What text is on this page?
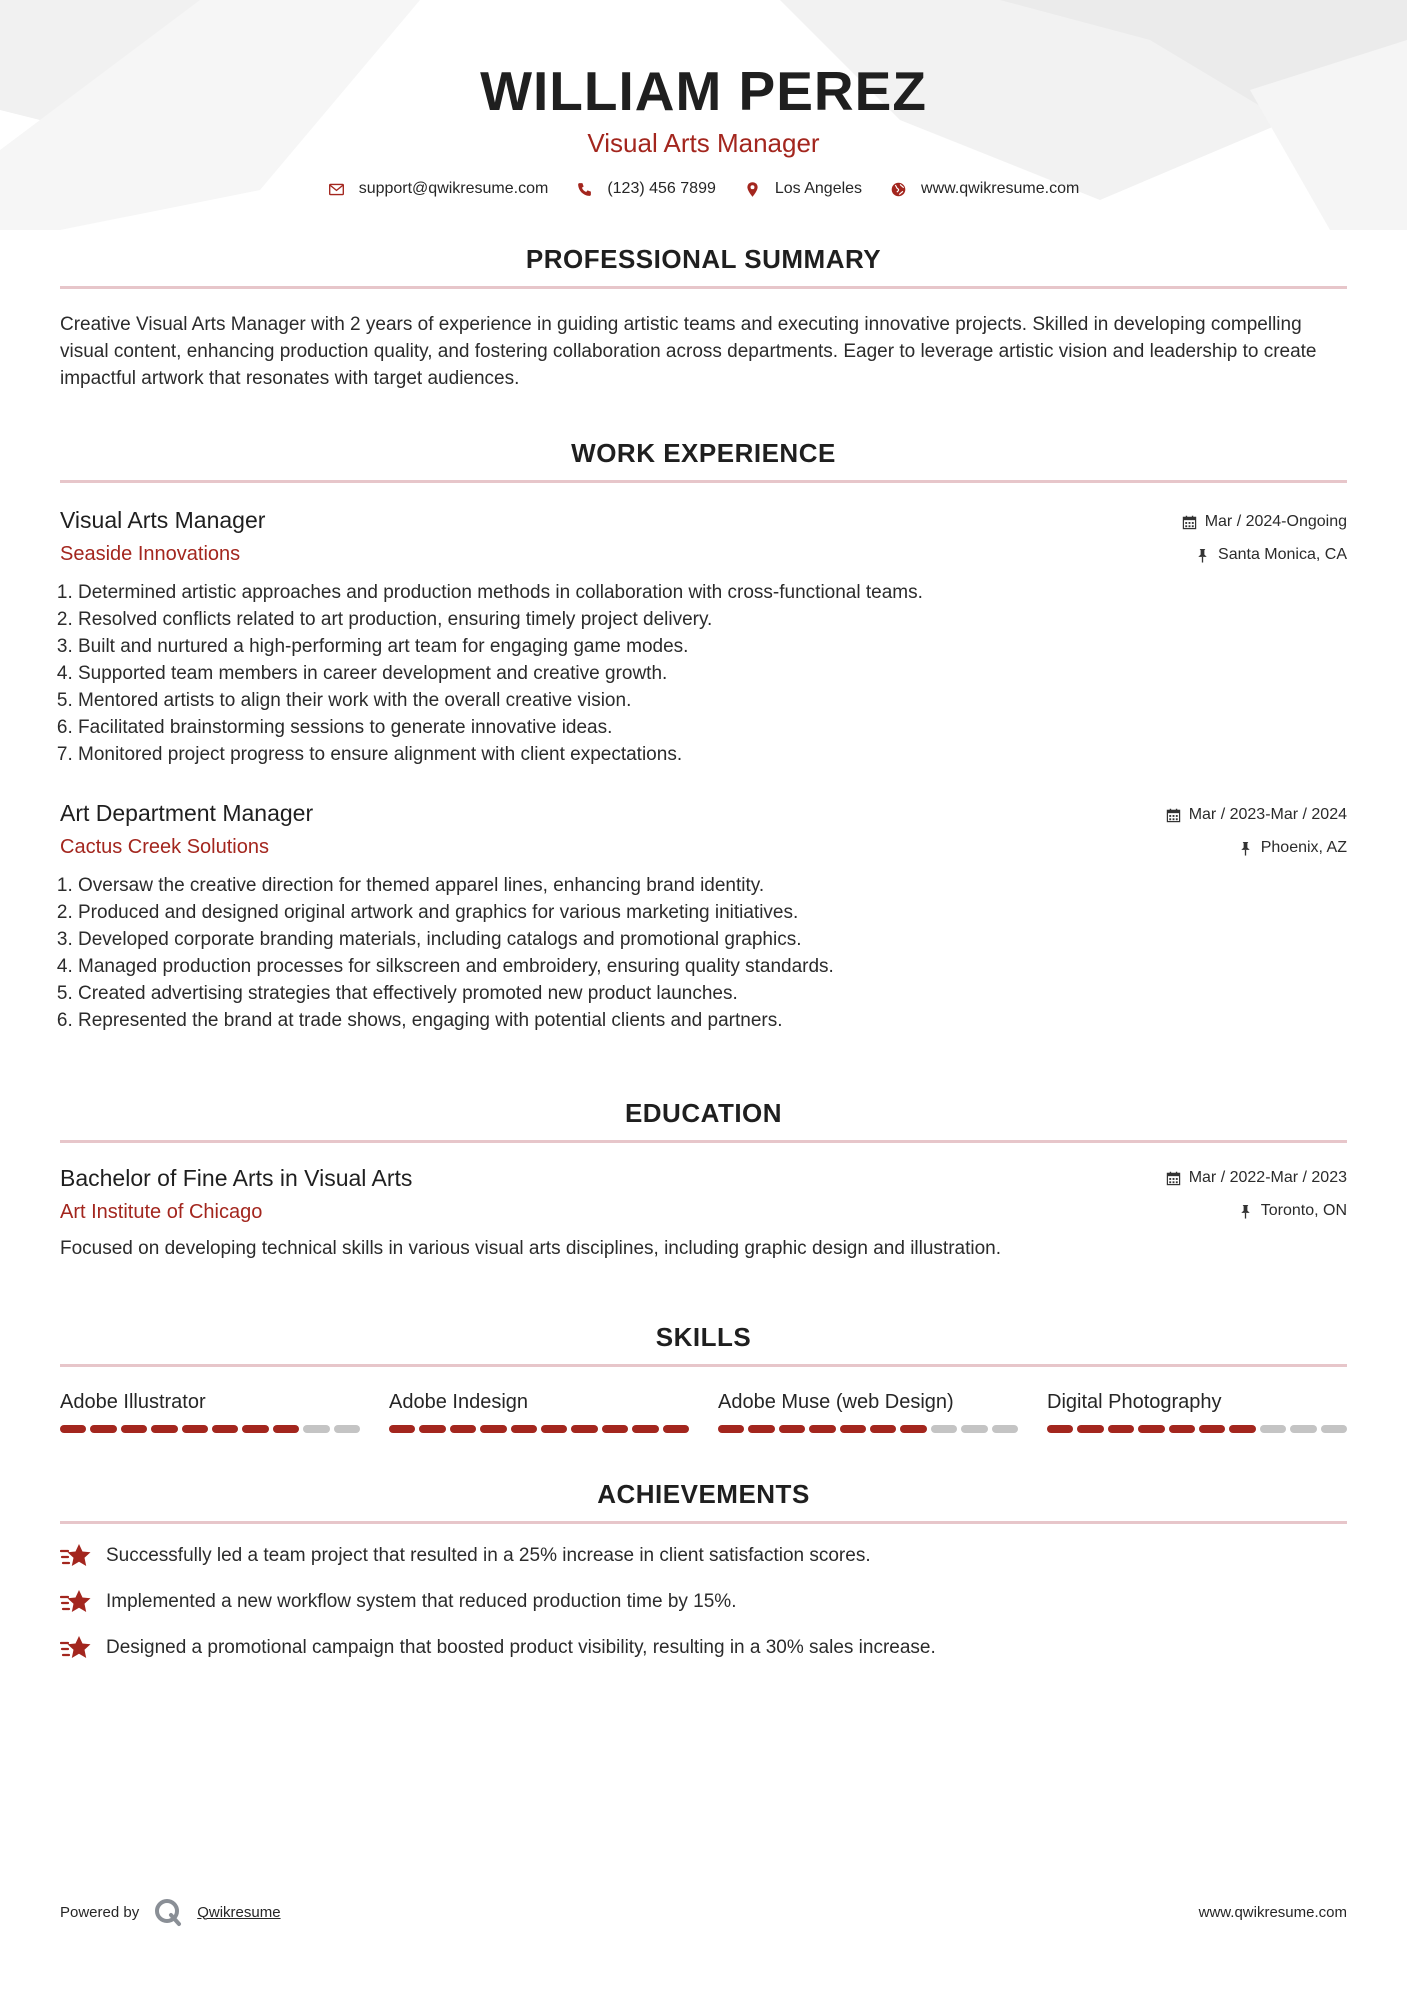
WILLIAM PEREZ
Visual Arts Manager
support@qwikresume.com	(123) 456 7899	Los Angeles	www.qwikresume.com
PROFESSIONAL SUMMARY
Creative Visual Arts Manager with 2 years of experience in guiding artistic teams and executing innovative projects. Skilled in developing compelling visual content, enhancing production quality, and fostering collaboration across departments. Eager to leverage artistic vision and leadership to create impactful artwork that resonates with target audiences.
WORK EXPERIENCE
Visual Arts Manager
Seaside Innovations
Mar / 2024-Ongoing
Santa Monica, CA
1. Determined artistic approaches and production methods in collaboration with cross-functional teams.
2. Resolved conflicts related to art production, ensuring timely project delivery.
3. Built and nurtured a high-performing art team for engaging game modes.
4. Supported team members in career development and creative growth.
5. Mentored artists to align their work with the overall creative vision.
6. Facilitated brainstorming sessions to generate innovative ideas.
7. Monitored project progress to ensure alignment with client expectations.
Art Department Manager
Cactus Creek Solutions
Mar / 2023-Mar / 2024
Phoenix, AZ
1. Oversaw the creative direction for themed apparel lines, enhancing brand identity.
2. Produced and designed original artwork and graphics for various marketing initiatives.
3. Developed corporate branding materials, including catalogs and promotional graphics.
4. Managed production processes for silkscreen and embroidery, ensuring quality standards.
5. Created advertising strategies that effectively promoted new product launches.
6. Represented the brand at trade shows, engaging with potential clients and partners.
EDUCATION
Bachelor of Fine Arts in Visual Arts
Art Institute of Chicago
Mar / 2022-Mar / 2023
Toronto, ON
Focused on developing technical skills in various visual arts disciplines, including graphic design and illustration.
SKILLS
Adobe Illustrator	Adobe Indesign	Adobe Muse (web Design)	Digital Photography
ACHIEVEMENTS
Successfully led a team project that resulted in a 25% increase in client satisfaction scores.
Implemented a new workflow system that reduced production time by 15%.
Designed a promotional campaign that boosted product visibility, resulting in a 30% sales increase.
Powered by	Qwikresume	www.qwikresume.com
